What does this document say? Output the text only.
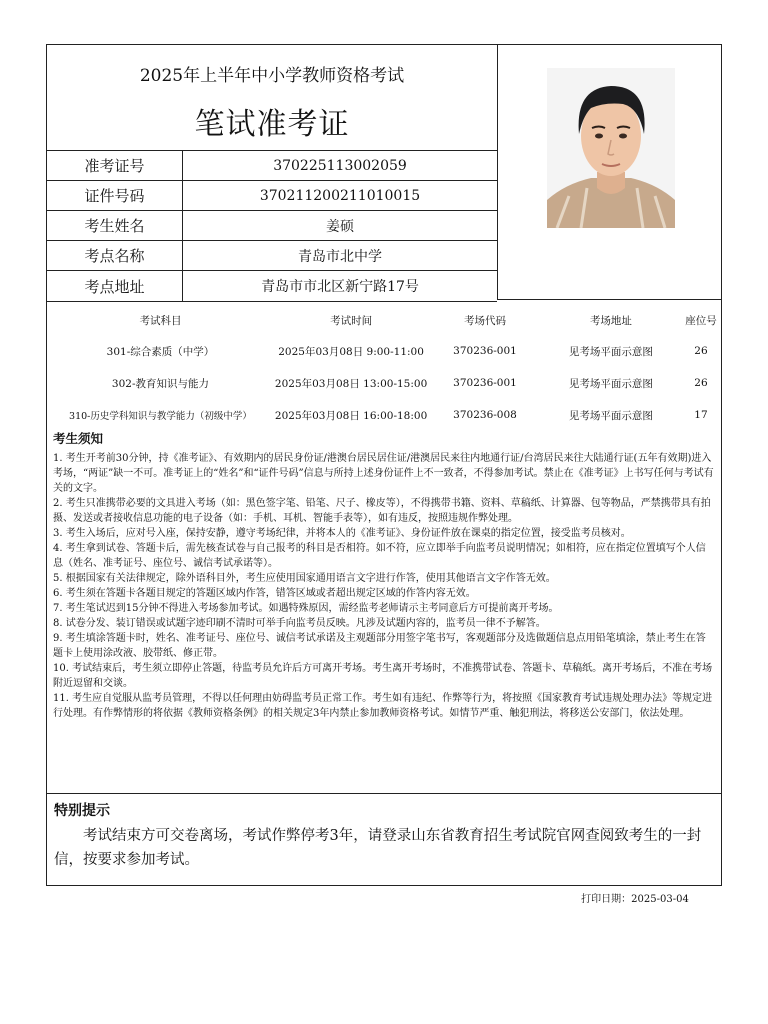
2025年上半年中小学教师资格考试
笔试准考证
准考证号	370225113002059
证件号码	370211200211010015
考生姓名	姜硕
考点名称	青岛市北中学
考点地址	青岛市市北区新宁路17号
考试科目	考试时间	考场代码	考场地址	座位号
301-综合素质（中学）	2025年03月08日 9:00-11:00	370236-001	见考场平面示意图	26
302-教育知识与能力	2025年03月08日 13:00-15:00	370236-001	见考场平面示意图	26
310-历史学科知识与教学能力（初级中学）	2025年03月08日 16:00-18:00	370236-008	见考场平面示意图	17

考生须知

1. 考生开考前30分钟，持《准考证》、有效期内的居民身份证/港澳台居民居住证/港澳居民来往内地通行证/台湾居民来往大陆通行证(五年有效期)进入考场，“两证”缺一不可。准考证上的“姓名”和“证件号码”信息与所持上述身份证件上不一致者，不得参加考试。禁止在《准考证》上书写任何与考试有关的文字。

2. 考生只准携带必要的文具进入考场（如：黑色签字笔、铅笔、尺子、橡皮等），不得携带书籍、资料、草稿纸、计算器、包等物品，严禁携带具有拍摄、发送或者接收信息功能的电子设备（如：手机、耳机、智能手表等），如有违反，按照违规作弊处理。

3. 考生入场后，应对号入座，保持安静，遵守考场纪律，并将本人的《准考证》、身份证件放在课桌的指定位置，接受监考员核对。

4. 考生拿到试卷、答题卡后，需先核查试卷与自己报考的科目是否相符。如不符，应立即举手向监考员说明情况；如相符，应在指定位置填写个人信息（姓名、准考证号、座位号、诚信考试承诺等）。

5. 根据国家有关法律规定，除外语科目外，考生应使用国家通用语言文字进行作答，使用其他语言文字作答无效。

6. 考生须在答题卡各题目规定的答题区域内作答，错答区域或者超出规定区域的作答内容无效。

7. 考生笔试迟到15分钟不得进入考场参加考试。如遇特殊原因，需经监考老师请示主考同意后方可提前离开考场。

8. 试卷分发、装订错误或试题字迹印刷不清时可举手向监考员反映。凡涉及试题内容的，监考员一律不予解答。

9. 考生填涂答题卡时，姓名、准考证号、座位号、诚信考试承诺及主观题部分用签字笔书写，客观题部分及选做题信息点用铅笔填涂，禁止考生在答题卡上使用涂改液、胶带纸、修正带。

10. 考试结束后，考生须立即停止答题，待监考员允许后方可离开考场。考生离开考场时，不准携带试卷、答题卡、草稿纸。离开考场后，不准在考场附近逗留和交谈。

11. 考生应自觉服从监考员管理，不得以任何理由妨碍监考员正常工作。考生如有违纪、作弊等行为，将按照《国家教育考试违规处理办法》等规定进行处理。有作弊情形的将依据《教师资格条例》的相关规定3年内禁止参加教师资格考试。如情节严重、触犯刑法，将移送公安部门，依法处理。

特别提示

考试结束方可交卷离场，考试作弊停考3年，请登录山东省教育招生考试院官网查阅致考生的一封信，按要求参加考试。

打印日期：2025-03-04
